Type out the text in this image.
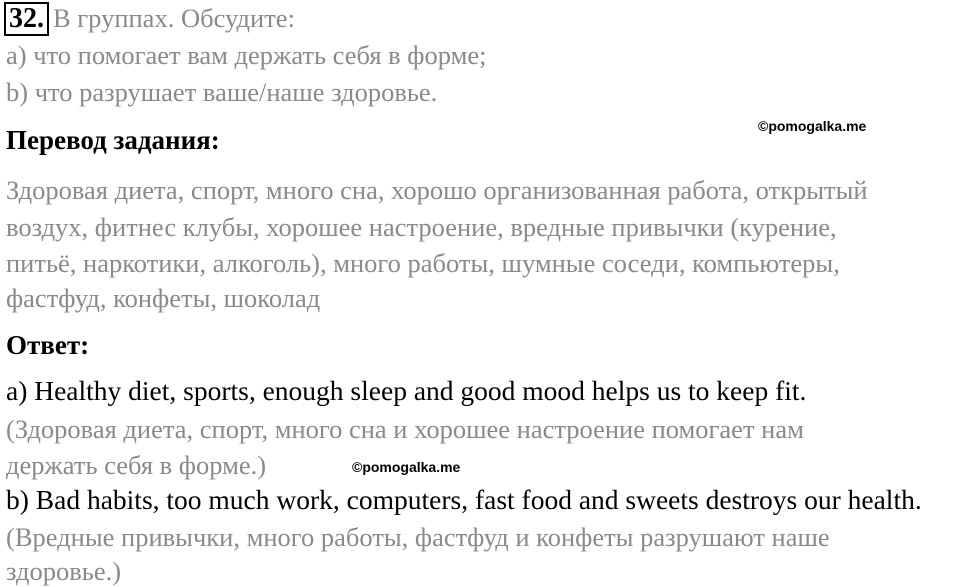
32. В группах. Обсудите:
a) что помогает вам держать себя в форме;
b) что разрушает ваше/наше здоровье.
Перевод задания:	©pomogalka.me
Здоровая диета, спорт, много сна, хорошо организованная работа, открытый
воздух, фитнес клубы, хорошее настроение, вредные привычки (курение,
питьё, наркотики, алкоголь), много работы, шумные соседи, компьютеры,
фастфуд, конфеты, шоколад
Ответ:
a) Healthy diet, sports, enough sleep and good mood helps us to keep fit.
(Здоровая диета, спорт, много сна и хорошее настроение помогает нам
держать себя в форме.)	©pomogalka.me
b) Bad habits, too much work, computers, fast food and sweets destroys our health.
(Вредные привычки, много работы, фастфуд и конфеты разрушают наше
здоровье.)
